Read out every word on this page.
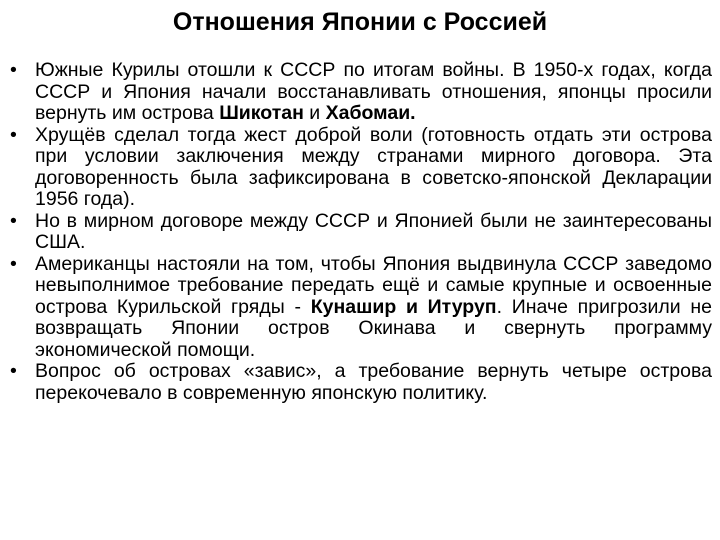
Отношения Японии с Россией
• Южные Курилы отошли к СССР по итогам войны. В 1950-х годах, когда СССР и Япония начали восстанавливать отношения, японцы просили вернуть им острова Шикотан и Хабомаи.
• Хрущёв сделал тогда жест доброй воли (готовность отдать эти острова при условии заключения между странами мирного договора. Эта договоренность была зафиксирована в советско-японской Декларации 1956 года).
• Но в мирном договоре между СССР и Японией были не заинтересованы США.
• Американцы настояли на том, чтобы Япония выдвинула СССР заведомо невыполнимое требование передать ещё и самые крупные и освоенные острова Курильской гряды - Кунашир и Итуруп. Иначе пригрозили не возвращать Японии остров Окинава и свернуть программу экономической помощи.
• Вопрос об островах «завис», а требование вернуть четыре острова перекочевало в современную японскую политику.
